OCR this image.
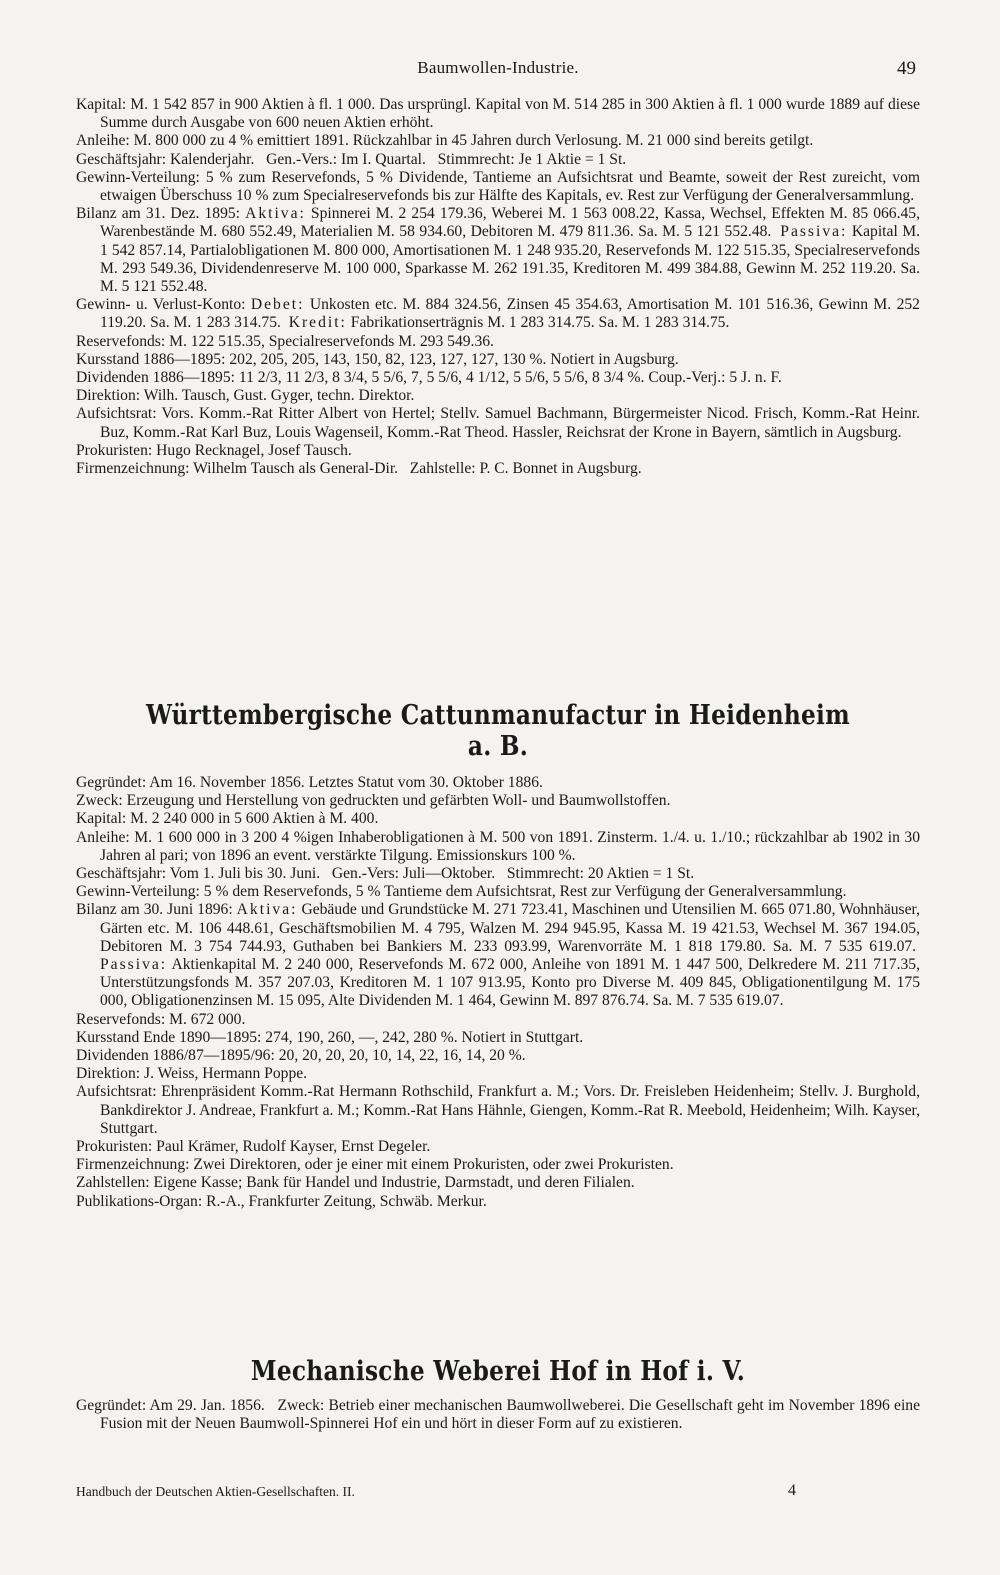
Baumwollen-Industrie.	49

Kapital: M. 1 542 857 in 900 Aktien à fl. 1 000. Das ursprüngl. Kapital von M. 514 285 in 300 Aktien à fl. 1 000 wurde 1889 auf diese Summe durch Ausgabe von 600 neuen Aktien erhöht.

Anleihe: M. 800 000 zu 4 % emittiert 1891. Rückzahlbar in 45 Jahren durch Verlosung. M. 21 000 sind bereits getilgt.

Geschäftsjahr: Kalenderjahr. Gen.-Vers.: Im I. Quartal. Stimmrecht: Je 1 Aktie = 1 St.

Gewinn-Verteilung: 5 % zum Reservefonds, 5 % Dividende, Tantieme an Aufsichtsrat und Beamte, soweit der Rest zureicht, vom etwaigen Überschuss 10 % zum Specialreservefonds bis zur Hälfte des Kapitals, ev. Rest zur Verfügung der Generalversammlung.

Bilanz am 31. Dez. 1895: Aktiva: Spinnerei M. 2 254 179.36, Weberei M. 1 563 008.22, Kassa, Wechsel, Effekten M. 85 066.45, Warenbestände M. 680 552.49, Materialien M. 58 934.60, Debitoren M. 479 811.36. Sa. M. 5 121 552.48. Passiva: Kapital M. 1 542 857.14, Partialobligationen M. 800 000, Amortisationen M. 1 248 935.20, Reservefonds M. 122 515.35, Specialreservefonds M. 293 549.36, Dividendenreserve M. 100 000, Sparkasse M. 262 191.35, Kreditoren M. 499 384.88, Gewinn M. 252 119.20. Sa. M. 5 121 552.48.

Gewinn- u. Verlust-Konto: Debet: Unkosten etc. M. 884 324.56, Zinsen 45 354.63, Amortisation M. 101 516.36, Gewinn M. 252 119.20. Sa. M. 1 283 314.75. Kredit: Fabrikationserträgnis M. 1 283 314.75. Sa. M. 1 283 314.75.

Reservefonds: M. 122 515.35, Specialreservefonds M. 293 549.36.

Kursstand 1886—1895: 202, 205, 205, 143, 150, 82, 123, 127, 127, 130 %. Notiert in Augsburg.

Dividenden 1886—1895: 11 2/3, 11 2/3, 8 3/4, 5 5/6, 7, 5 5/6, 4 1/12, 5 5/6, 5 5/6, 8 3/4 %. Coup.-Verj.: 5 J. n. F.

Direktion: Wilh. Tausch, Gust. Gyger, techn. Direktor.

Aufsichtsrat: Vors. Komm.-Rat Ritter Albert von Hertel; Stellv. Samuel Bachmann, Bürgermeister Nicod. Frisch, Komm.-Rat Heinr. Buz, Komm.-Rat Karl Buz, Louis Wagenseil, Komm.-Rat Theod. Hassler, Reichsrat der Krone in Bayern, sämtlich in Augsburg.

Prokuristen: Hugo Recknagel, Josef Tausch.

Firmenzeichnung: Wilhelm Tausch als General-Dir. Zahlstelle: P. C. Bonnet in Augsburg.

Württembergische Cattunmanufactur in Heidenheim a. B.

Gegründet: Am 16. November 1856. Letztes Statut vom 30. Oktober 1886.

Zweck: Erzeugung und Herstellung von gedruckten und gefärbten Woll- und Baumwollstoffen.

Kapital: M. 2 240 000 in 5 600 Aktien à M. 400.

Anleihe: M. 1 600 000 in 3 200 4 %igen Inhaberobligationen à M. 500 von 1891. Zinsterm. 1./4. u. 1./10.; rückzahlbar ab 1902 in 30 Jahren al pari; von 1896 an event. verstärkte Tilgung. Emissionskurs 100 %.

Geschäftsjahr: Vom 1. Juli bis 30. Juni. Gen.-Vers: Juli—Oktober. Stimmrecht: 20 Aktien = 1 St.

Gewinn-Verteilung: 5 % dem Reservefonds, 5 % Tantieme dem Aufsichtsrat, Rest zur Verfügung der Generalversammlung.

Bilanz am 30. Juni 1896: Aktiva: Gebäude und Grundstücke M. 271 723.41, Maschinen und Utensilien M. 665 071.80, Wohnhäuser, Gärten etc. M. 106 448.61, Geschäftsmobilien M. 4 795, Walzen M. 294 945.95, Kassa M. 19 421.53, Wechsel M. 367 194.05, Debitoren M. 3 754 744.93, Guthaben bei Bankiers M. 233 093.99, Warenvorräte M. 1 818 179.80. Sa. M. 7 535 619.07.  Passiva: Aktienkapital M. 2 240 000, Reservefonds M. 672 000, Anleihe von 1891 M. 1 447 500, Delkredere M. 211 717.35, Unterstützungsfonds M. 357 207.03, Kreditoren M. 1 107 913.95, Konto pro Diverse M. 409 845, Obligationentilgung M. 175 000, Obligationenzinsen M. 15 095, Alte Dividenden M. 1 464, Gewinn M. 897 876.74. Sa. M. 7 535 619.07.

Reservefonds: M. 672 000.

Kursstand Ende 1890—1895: 274, 190, 260, —, 242, 280 %. Notiert in Stuttgart.

Dividenden 1886/87—1895/96: 20, 20, 20, 20, 10, 14, 22, 16, 14, 20 %.

Direktion: J. Weiss, Hermann Poppe.

Aufsichtsrat: Ehrenpräsident Komm.-Rat Hermann Rothschild, Frankfurt a. M.; Vors. Dr. Freisleben Heidenheim; Stellv. J. Burghold, Bankdirektor J. Andreae, Frankfurt a. M.; Komm.-Rat Hans Hähnle, Giengen, Komm.-Rat R. Meebold, Heidenheim; Wilh. Kayser, Stuttgart.

Prokuristen: Paul Krämer, Rudolf Kayser, Ernst Degeler.

Firmenzeichnung: Zwei Direktoren, oder je einer mit einem Prokuristen, oder zwei Prokuristen.

Zahlstellen: Eigene Kasse; Bank für Handel und Industrie, Darmstadt, und deren Filialen.

Publikations-Organ: R.-A., Frankfurter Zeitung, Schwäb. Merkur.

Mechanische Weberei Hof in Hof i. V.

Gegründet: Am 29. Jan. 1856. Zweck: Betrieb einer mechanischen Baumwollweberei. Die Gesellschaft geht im November 1896 eine Fusion mit der Neuen Baumwoll-Spinnerei Hof ein und hört in dieser Form auf zu existieren.

Handbuch der Deutschen Aktien-Gesellschaften. II.	4
